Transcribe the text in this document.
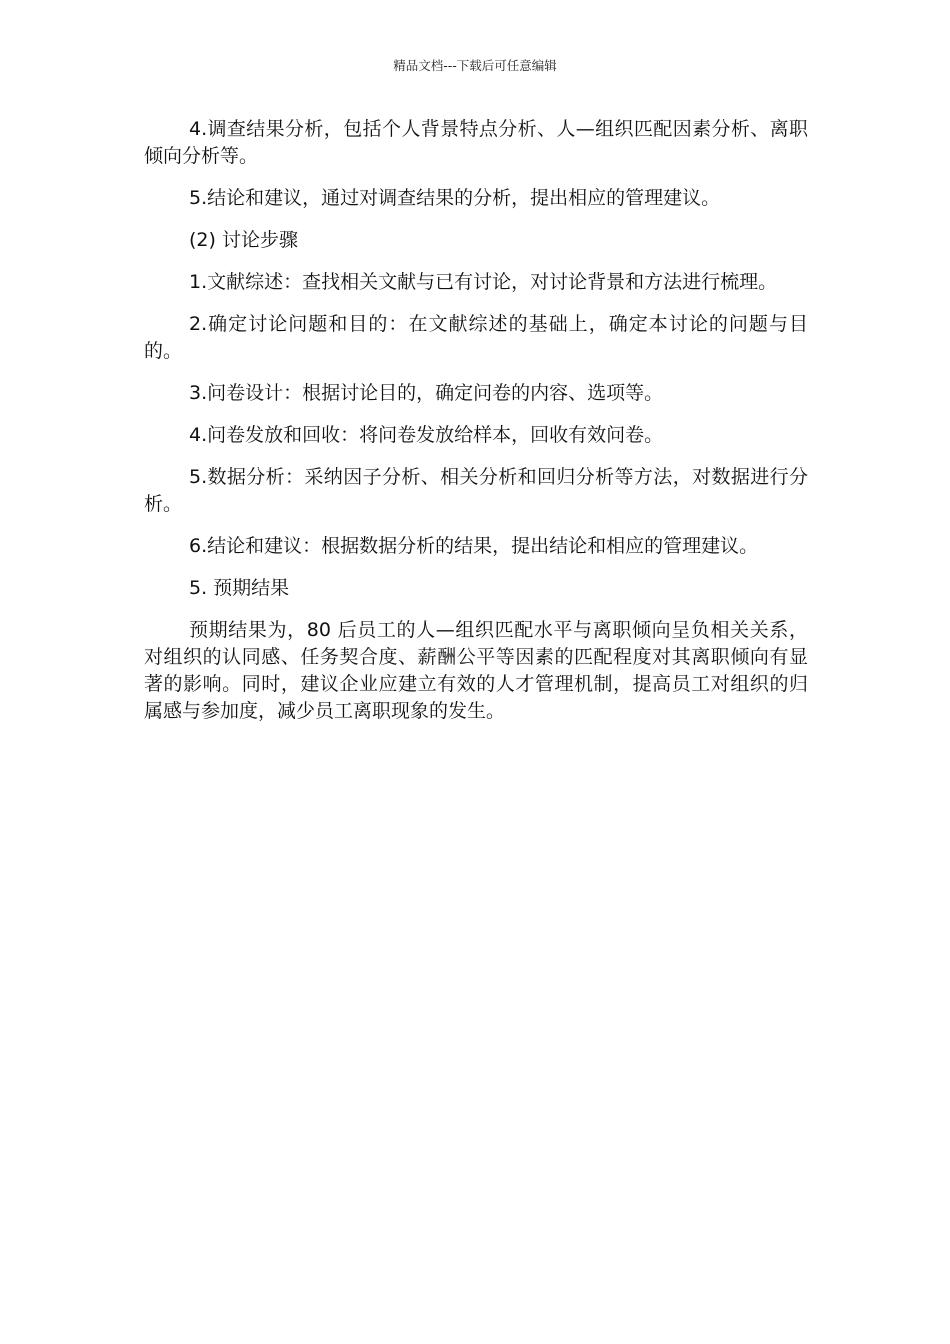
精品文档---下载后可任意编辑

4.调查结果分析，包括个人背景特点分析、人—组织匹配因素分析、离职倾向分析等。

5.结论和建议，通过对调查结果的分析，提出相应的管理建议。

(2) 讨论步骤

1.文献综述：查找相关文献与已有讨论，对讨论背景和方法进行梳理。

2.确定讨论问题和目的：在文献综述的基础上，确定本讨论的问题与目的。

3.问卷设计：根据讨论目的，确定问卷的内容、选项等。

4.问卷发放和回收：将问卷发放给样本，回收有效问卷。

5.数据分析：采纳因子分析、相关分析和回归分析等方法，对数据进行分析。

6.结论和建议：根据数据分析的结果，提出结论和相应的管理建议。

5. 预期结果

预期结果为，80 后员工的人—组织匹配水平与离职倾向呈负相关关系，对组织的认同感、任务契合度、薪酬公平等因素的匹配程度对其离职倾向有显著的影响。同时，建议企业应建立有效的人才管理机制，提高员工对组织的归属感与参加度，减少员工离职现象的发生。
